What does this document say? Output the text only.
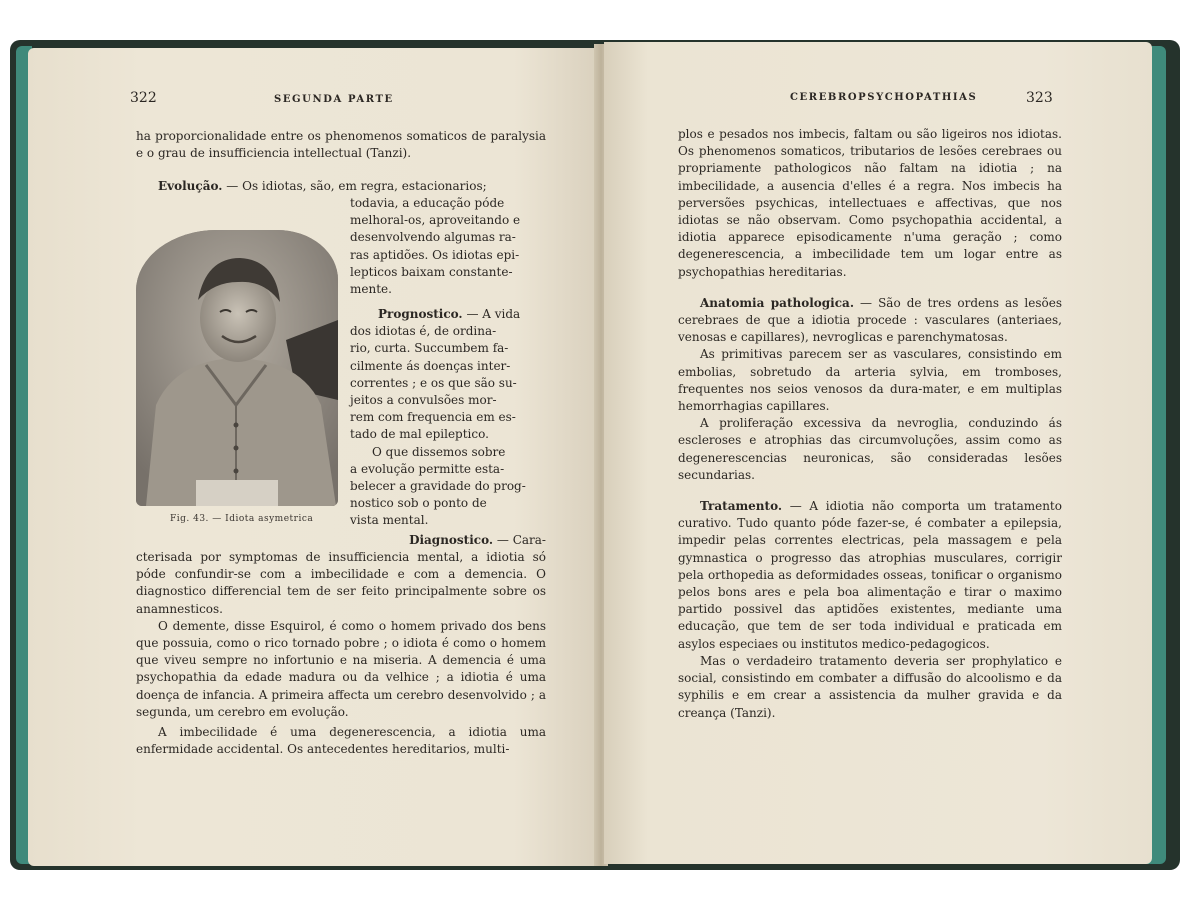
322	SEGUNDA PARTE

ha proporcionalidade entre os phenomenos somaticos de paralysia e o grau de insufficiencia intellectual (Tanzi).

Evolução. — Os idiotas, são, em regra, estacionarios;

todavia, a educação póde

melhoral-os, aproveitando e

desenvolvendo algumas ra-

ras aptidões. Os idiotas epi-

lepticos baixam constante-

mente.

Prognostico. — A vida

dos idiotas é, de ordina-

rio, curta. Succumbem fa-

cilmente ás doenças inter-

correntes ; e os que são su-

jeitos a convulsões mor-

rem com frequencia em es-

tado de mal epileptico.

O que dissemos sobre

a evolução permitte esta-

belecer a gravidade do prog-

nostico sob o ponto de

vista mental.

Fig. 43. — Idiota asymetrica
Diagnostico. — Cara-

cterisada por symptomas de insufficiencia mental, a idiotia só póde confundir-se com a imbecilidade e com a demencia. O diagnostico differencial tem de ser feito principalmente sobre os anamnesticos.

O demente, disse Esquirol, é como o homem privado dos bens que possuia, como o rico tornado pobre ; o idiota é como o homem que viveu sempre no infortunio e na miseria. A demencia é uma psychopathia da edade madura ou da velhice ; a idiotia é uma doença de infancia. A primeira affecta um cerebro desenvolvido ; a segunda, um cerebro em evolução.

A imbecilidade é uma degenerescencia, a idiotia uma enfermidade accidental. Os antecedentes hereditarios, multi-

CEREBROPSYCHOPATHIAS	323

plos e pesados nos imbecis, faltam ou são ligeiros nos idiotas. Os phenomenos somaticos, tributarios de lesões cerebraes ou propriamente pathologicos não faltam na idiotia ; na imbecilidade, a ausencia d'elles é a regra. Nos imbecis ha perversões psychicas, intellectuaes e affectivas, que nos idiotas se não observam. Como psychopathia accidental, a idiotia apparece episodicamente n'uma geração ; como degenerescencia, a imbecilidade tem um logar entre as psychopathias hereditarias.

Anatomia pathologica. — São de tres ordens as lesões cerebraes de que a idiotia procede : vasculares (anteriaes, venosas e capillares), nevroglicas e parenchymatosas.

As primitivas parecem ser as vasculares, consistindo em embolias, sobretudo da arteria sylvia, em tromboses, frequentes nos seios venosos da dura-mater, e em multiplas hemorrhagias capillares.

A proliferação excessiva da nevroglia, conduzindo ás escleroses e atrophias das circumvoluções, assim como as degenerescencias neuronicas, são consideradas lesões secundarias.

Tratamento. — A idiotia não comporta um tratamento curativo. Tudo quanto póde fazer-se, é combater a epilepsia, impedir pelas correntes electricas, pela massagem e pela gymnastica o progresso das atrophias musculares, corrigir pela orthopedia as deformidades osseas, tonificar o organismo pelos bons ares e pela boa alimentação e tirar o maximo partido possivel das aptidões existentes, mediante uma educação, que tem de ser toda individual e praticada em asylos especiaes ou institutos medico-pedagogicos.

Mas o verdadeiro tratamento deveria ser prophylatico e social, consistindo em combater a diffusão do alcoolismo e da syphilis e em crear a assistencia da mulher gravida e da creança (Tanzi).
